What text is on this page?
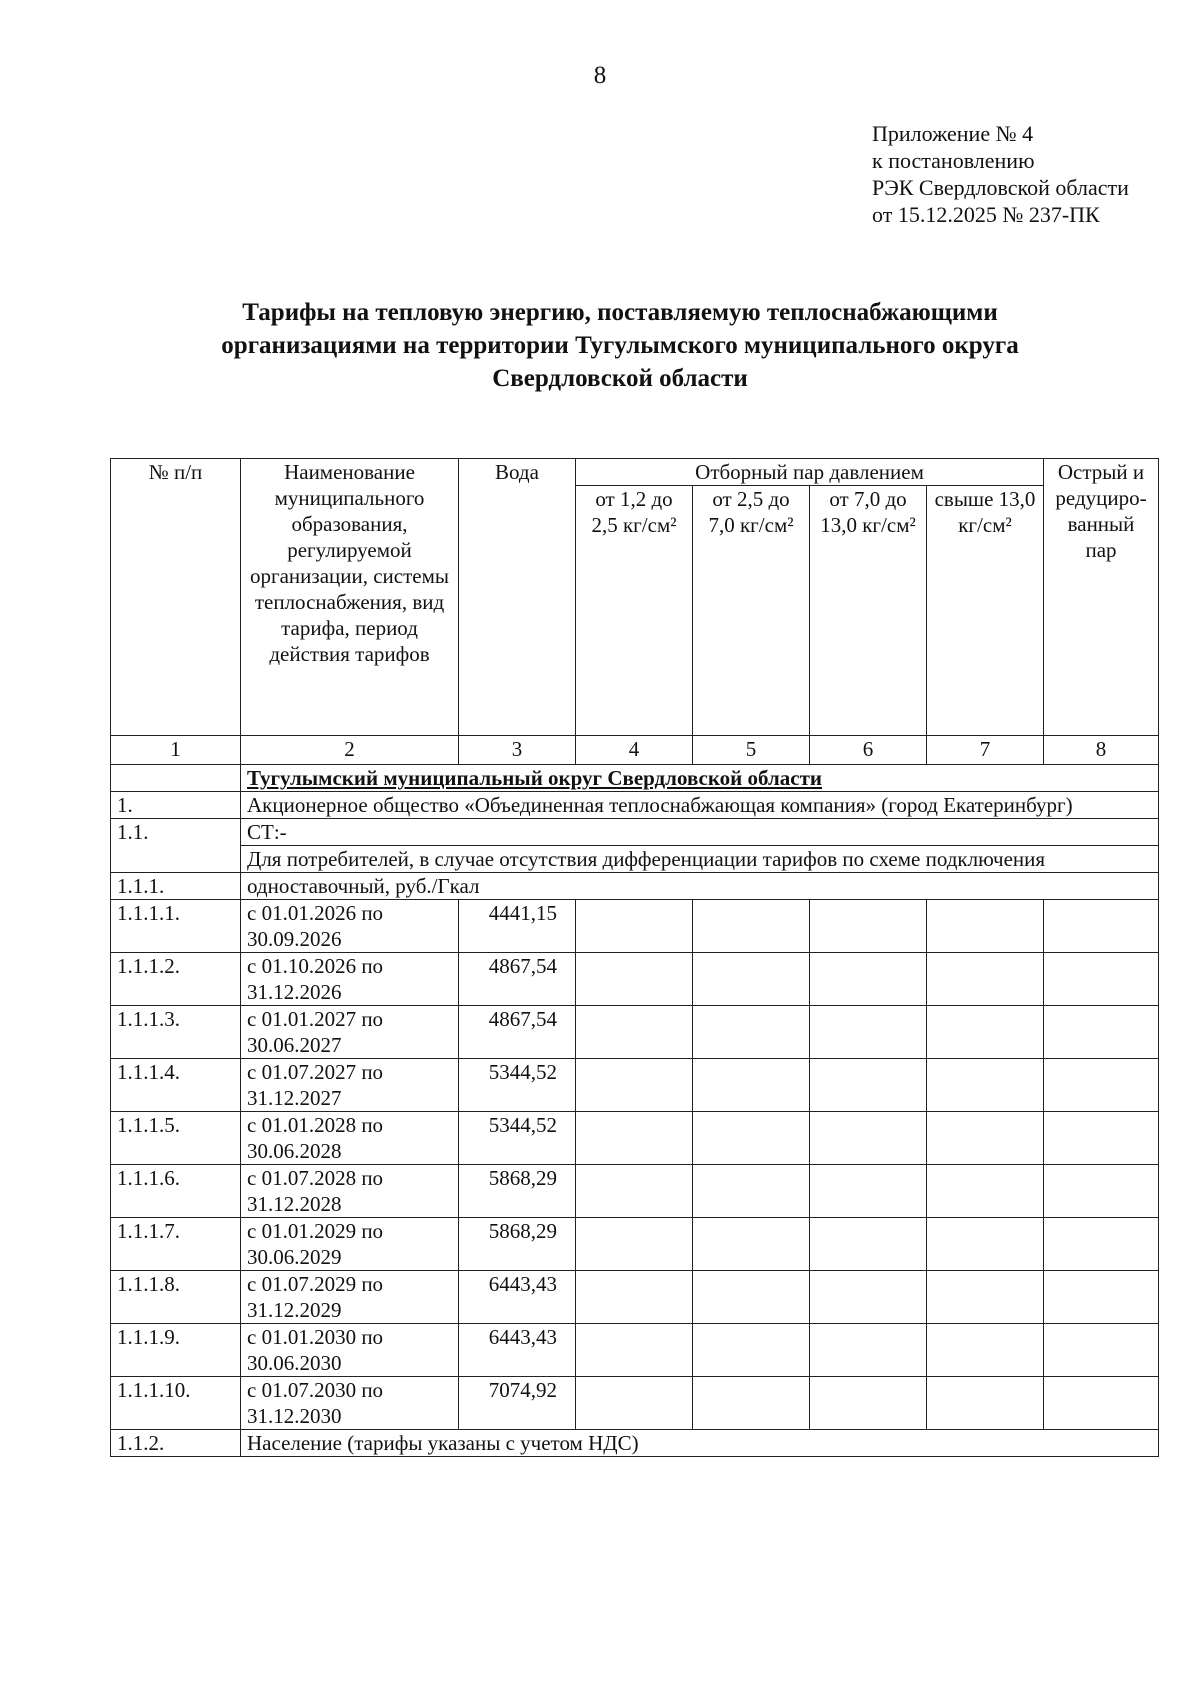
8
Приложение № 4
к постановлению
РЭК Свердловской области
от 15.12.2025 № 237-ПК
Тарифы на тепловую энергию, поставляемую теплоснабжающими
организациями на территории Тугулымского муниципального округа
Свердловской области
№ п/п	Наименование муниципального образования, регулируемой организации, системы теплоснабжения, вид тарифа, период действия тарифов	Вода	Отборный пар давлением				Острый и редуциро-ванный пар
			от 1,2 до 2,5 кг/см²	от 2,5 до 7,0 кг/см²	от 7,0 до 13,0 кг/см²	свыше 13,0 кг/см²	
1	2	3	4	5	6	7	8
	Тугулымский муниципальный округ Свердловской области						
1.	Акционерное общество «Объединенная теплоснабжающая компания» (город Екатеринбург)						
1.1.	СТ:-						
	Для потребителей, в случае отсутствия дифференциации тарифов по схеме подключения						
1.1.1.	одноставочный, руб./Гкал						
1.1.1.1.	с 01.01.2026 по 30.09.2026	4441,15					
1.1.1.2.	с 01.10.2026 по 31.12.2026	4867,54					
1.1.1.3.	с 01.01.2027 по 30.06.2027	4867,54					
1.1.1.4.	с 01.07.2027 по 31.12.2027	5344,52					
1.1.1.5.	с 01.01.2028 по 30.06.2028	5344,52					
1.1.1.6.	с 01.07.2028 по 31.12.2028	5868,29					
1.1.1.7.	с 01.01.2029 по 30.06.2029	5868,29					
1.1.1.8.	с 01.07.2029 по 31.12.2029	6443,43					
1.1.1.9.	с 01.01.2030 по 30.06.2030	6443,43					
1.1.1.10.	с 01.07.2030 по 31.12.2030	7074,92					
1.1.2.	Население (тарифы указаны с учетом НДС)						
